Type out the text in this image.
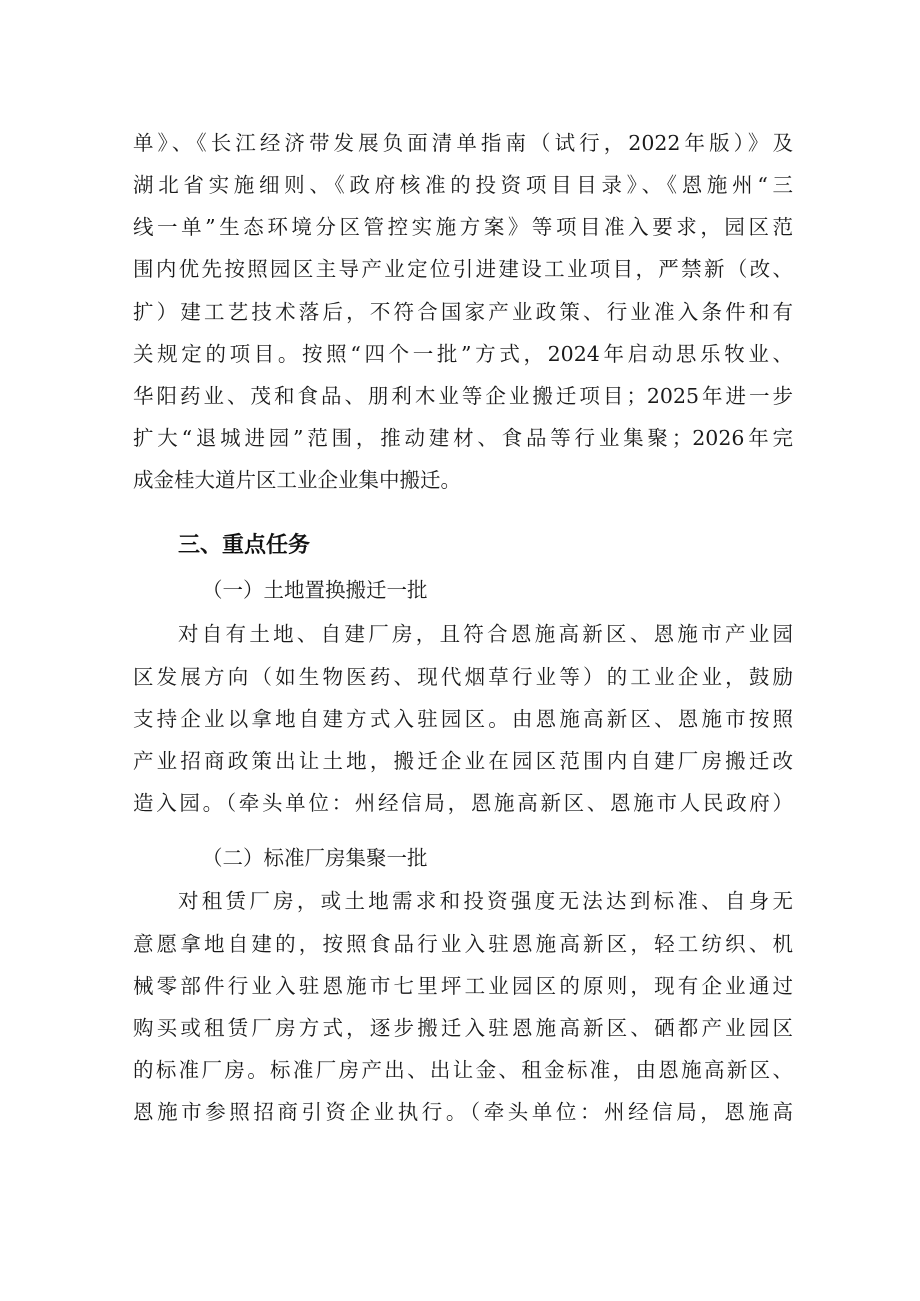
单》、《长江经济带发展负面清单指南（试行，2022年版）》及
湖北省实施细则、《政府核准的投资项目目录》、《恩施州“三
线一单”生态环境分区管控实施方案》等项目准入要求，园区范
围内优先按照园区主导产业定位引进建设工业项目，严禁新（改、
扩）建工艺技术落后，不符合国家产业政策、行业准入条件和有
关规定的项目。按照“四个一批”方式，2024年启动思乐牧业、
华阳药业、茂和食品、朋利木业等企业搬迁项目；2025年进一步
扩大“退城进园”范围，推动建材、食品等行业集聚；2026年完
成金桂大道片区工业企业集中搬迁。
三、重点任务
（一）土地置换搬迁一批
对自有土地、自建厂房，且符合恩施高新区、恩施市产业园
区发展方向（如生物医药、现代烟草行业等）的工业企业，鼓励
支持企业以拿地自建方式入驻园区。由恩施高新区、恩施市按照
产业招商政策出让土地，搬迁企业在园区范围内自建厂房搬迁改
造入园。（牵头单位：州经信局，恩施高新区、恩施市人民政府）
（二）标准厂房集聚一批
对租赁厂房，或土地需求和投资强度无法达到标准、自身无
意愿拿地自建的，按照食品行业入驻恩施高新区，轻工纺织、机
械零部件行业入驻恩施市七里坪工业园区的原则，现有企业通过
购买或租赁厂房方式，逐步搬迁入驻恩施高新区、硒都产业园区
的标准厂房。标准厂房产出、出让金、租金标准，由恩施高新区、
恩施市参照招商引资企业执行。（牵头单位：州经信局，恩施高
